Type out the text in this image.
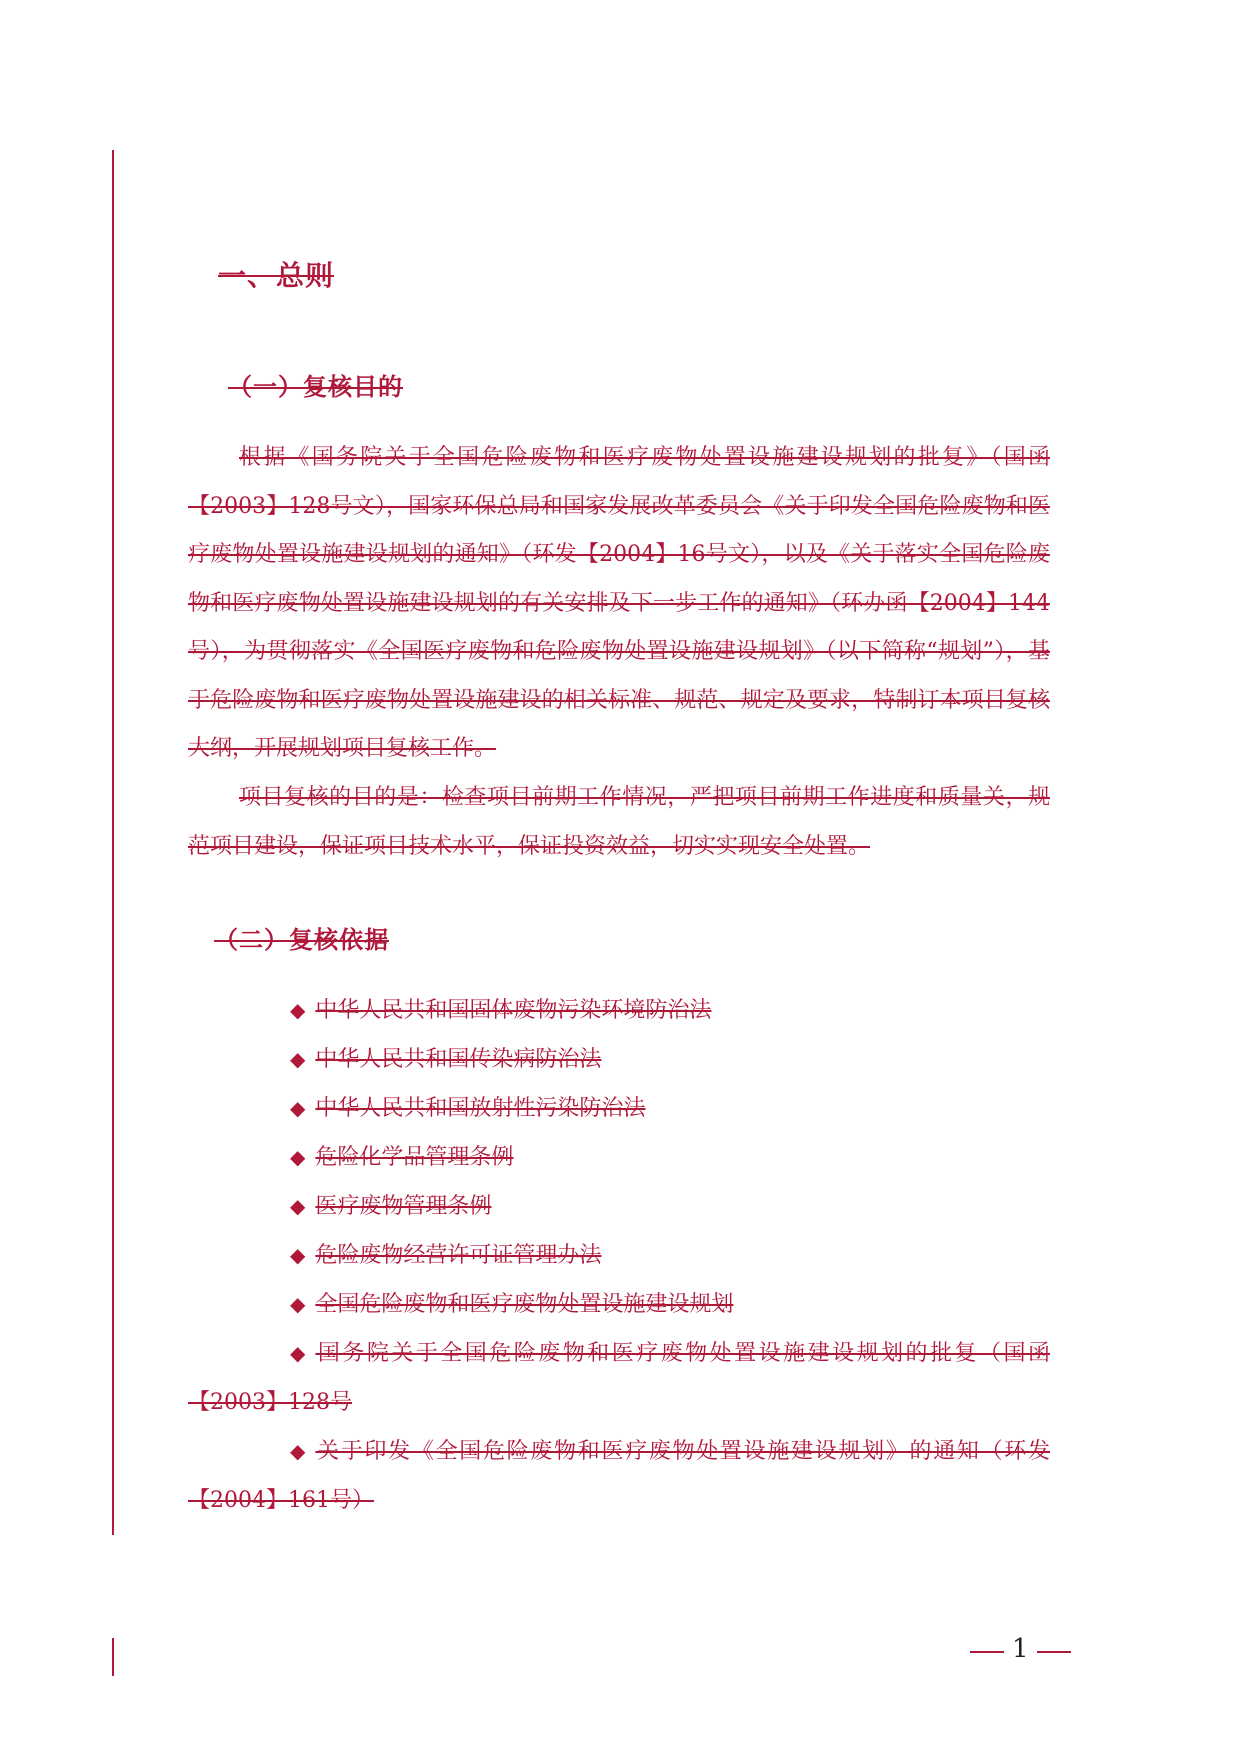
一、总则
（一）复核目的

根据《国务院关于全国危险废物和医疗废物处置设施建设规划的批复》（国函【2003】128号文），国家环保总局和国家发展改革委员会《关于印发全国危险废物和医疗废物处置设施建设规划的通知》（环发【2004】16号文），以及《关于落实全国危险废物和医疗废物处置设施建设规划的有关安排及下一步工作的通知》（环办函【2004】144号），为贯彻落实《全国医疗废物和危险废物处置设施建设规划》（以下简称“规划”），基于危险废物和医疗废物处置设施建设的相关标准、规范、规定及要求，特制订本项目复核大纲，开展规划项目复核工作。

项目复核的目的是：检查项目前期工作情况，严把项目前期工作进度和质量关，规范项目建设，保证项目技术水平，保证投资效益，切实实现安全处置。

（二）复核依据
◆ 中华人民共和国固体废物污染环境防治法
◆ 中华人民共和国传染病防治法
◆ 中华人民共和国放射性污染防治法
◆ 危险化学品管理条例
◆ 医疗废物管理条例
◆ 危险废物经营许可证管理办法
◆ 全国危险废物和医疗废物处置设施建设规划
◆ 国务院关于全国危险废物和医疗废物处置设施建设规划的批复（国函【2003】128号
◆ 关于印发《全国危险废物和医疗废物处置设施建设规划》的通知（环发【2004】161号）
1
